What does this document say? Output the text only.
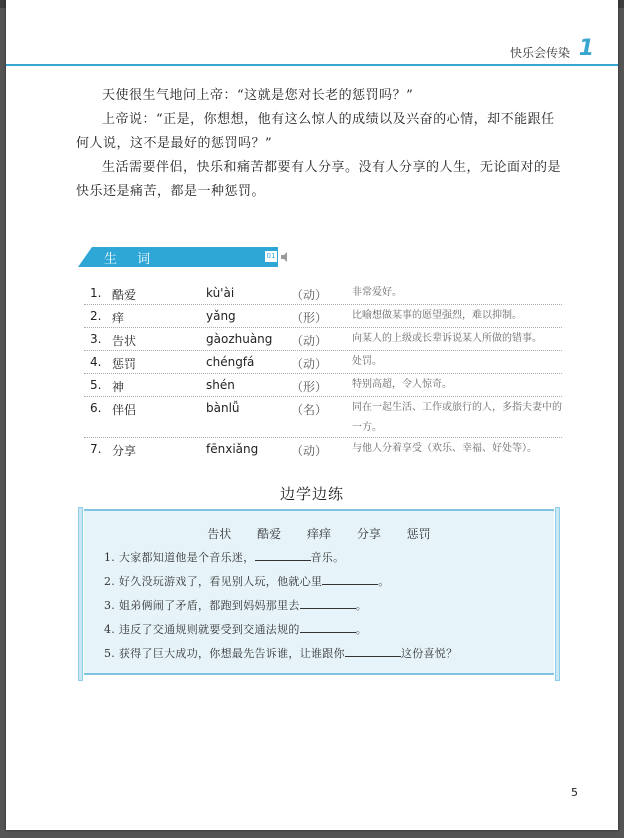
快乐会传染 1

天使很生气地问上帝：“这就是您对长老的惩罚吗？”

上帝说：“正是，你想想，他有这么惊人的成绩以及兴奋的心情，却不能跟任何人说，这不是最好的惩罚吗？”

生活需要伴侣，快乐和痛苦都要有人分享。没有人分享的人生，无论面对的是快乐还是痛苦，都是一种惩罚。

生 词	01
1. 酷爱	kù'ài	（动） 非常爱好。
2. 痒	yǎng	（形） 比喻想做某事的愿望强烈，难以抑制。
3. 告状	gàozhuàng （动） 向某人的上级或长辈诉说某人所做的错事。
4. 惩罚	chéngfá	（动） 处罚。
5. 神	shén	（形） 特别高超，令人惊奇。
6. 伴侣	bànlǚ	（名） 同在一起生活、工作或旅行的人，多指夫妻中的一方。
7. 分享	fēnxiǎng	（动） 与他人分着享受（欢乐、幸福、好处等）。
边学边练
告状 酷爱 痒痒 分享 惩罚
1. 大家都知道他是个音乐迷，	音乐。
2. 好久没玩游戏了，看见别人玩，他就心里	。
3. 姐弟俩闹了矛盾，都跑到妈妈那里去	。
4. 违反了交通规则就要受到交通法规的	。
5. 获得了巨大成功，你想最先告诉谁，让谁跟你	这份喜悦？
5
